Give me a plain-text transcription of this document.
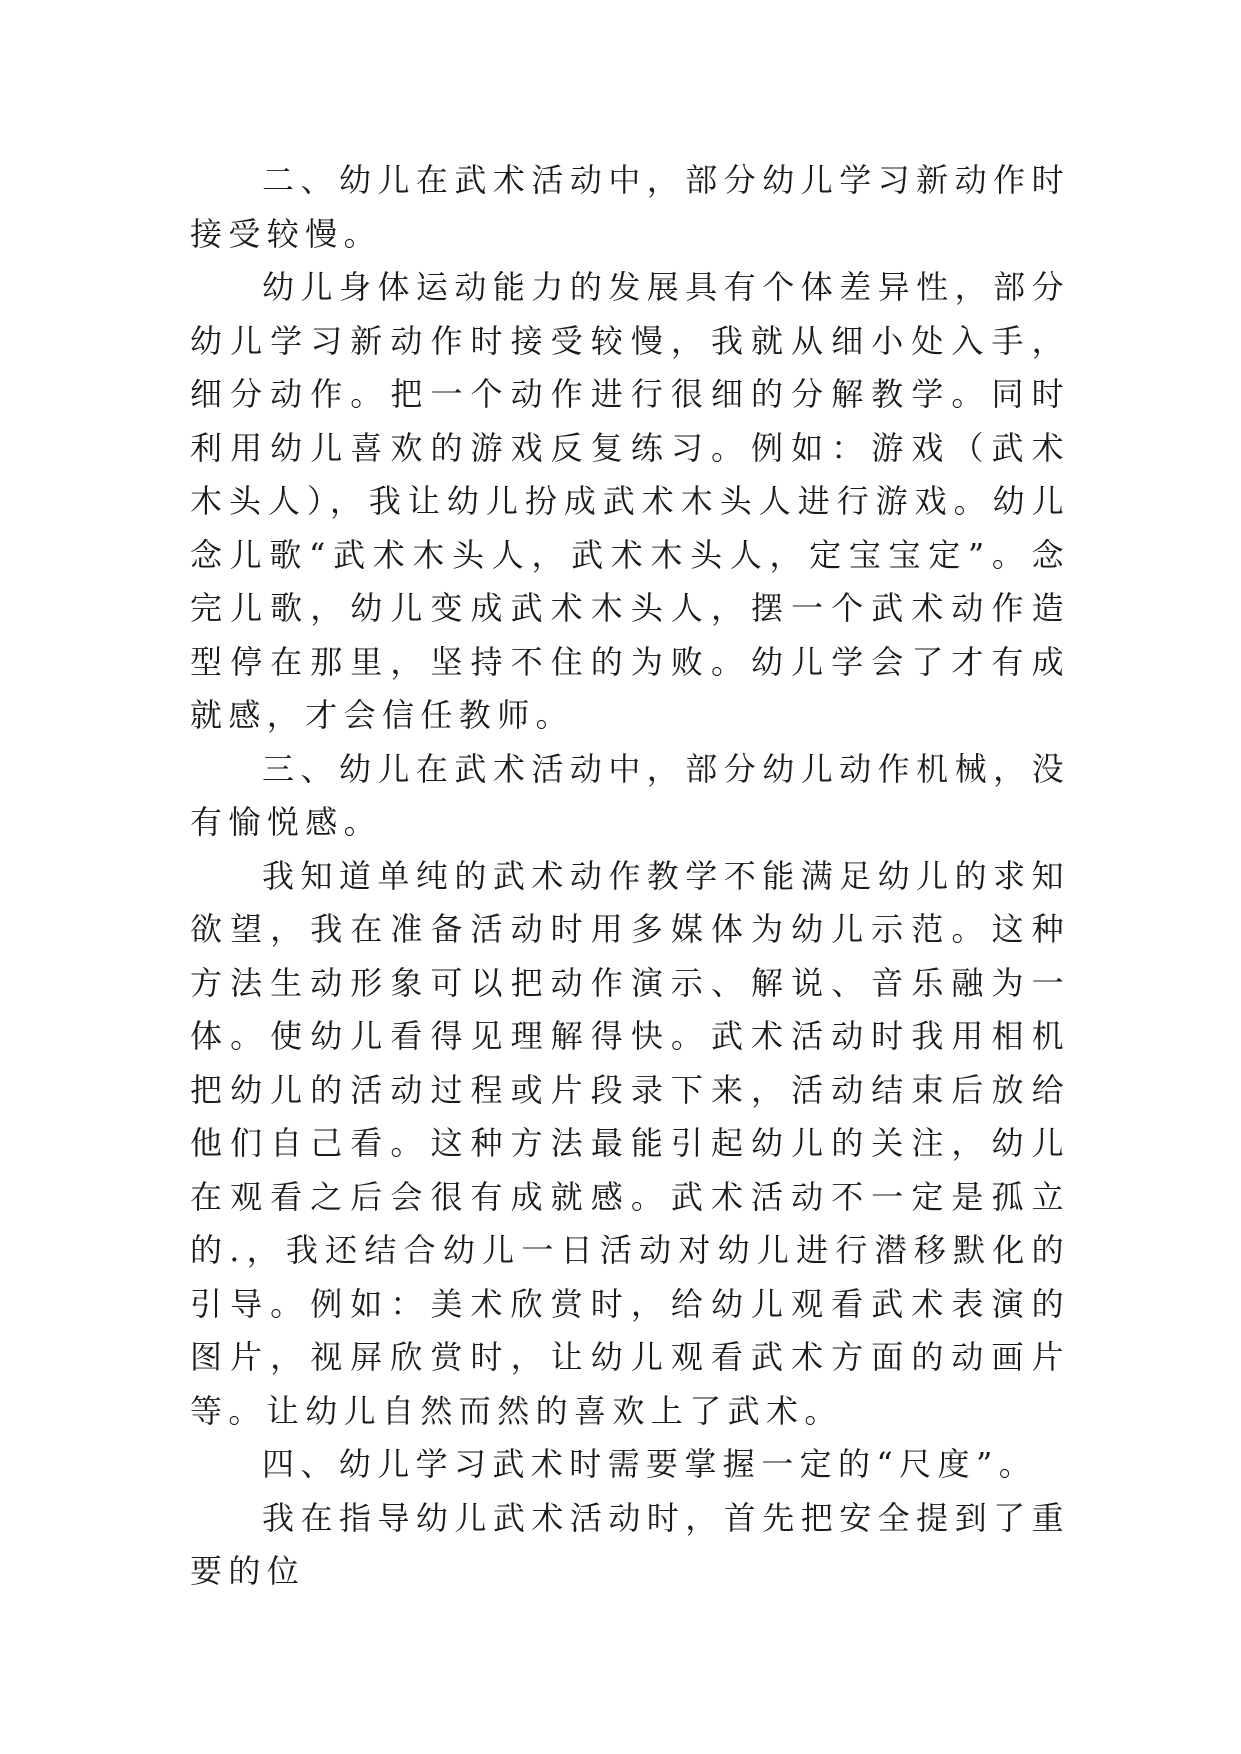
二、幼儿在武术活动中，部分幼儿学习新动作时接受较慢。

幼儿身体运动能力的发展具有个体差异性，部分幼儿学习新动作时接受较慢，我就从细小处入手，细分动作。把一个动作进行很细的分解教学。同时利用幼儿喜欢的游戏反复练习。例如：游戏（武术木头人），我让幼儿扮成武术木头人进行游戏。幼儿念儿歌“武术木头人，武术木头人，定宝宝定”。念完儿歌，幼儿变成武术木头人，摆一个武术动作造型停在那里，坚持不住的为败。幼儿学会了才有成就感，才会信任教师。

三、幼儿在武术活动中，部分幼儿动作机械，没有愉悦感。

我知道单纯的武术动作教学不能满足幼儿的求知欲望，我在准备活动时用多媒体为幼儿示范。这种方法生动形象可以把动作演示、解说、音乐融为一体。使幼儿看得见理解得快。武术活动时我用相机把幼儿的活动过程或片段录下来，活动结束后放给他们自己看。这种方法最能引起幼儿的关注，幼儿在观看之后会很有成就感。武术活动不一定是孤立的.，我还结合幼儿一日活动对幼儿进行潜移默化的引导。例如：美术欣赏时，给幼儿观看武术表演的图片，视屏欣赏时，让幼儿观看武术方面的动画片等。让幼儿自然而然的喜欢上了武术。

四、幼儿学习武术时需要掌握一定的“尺度”。

我在指导幼儿武术活动时，首先把安全提到了重要的位
